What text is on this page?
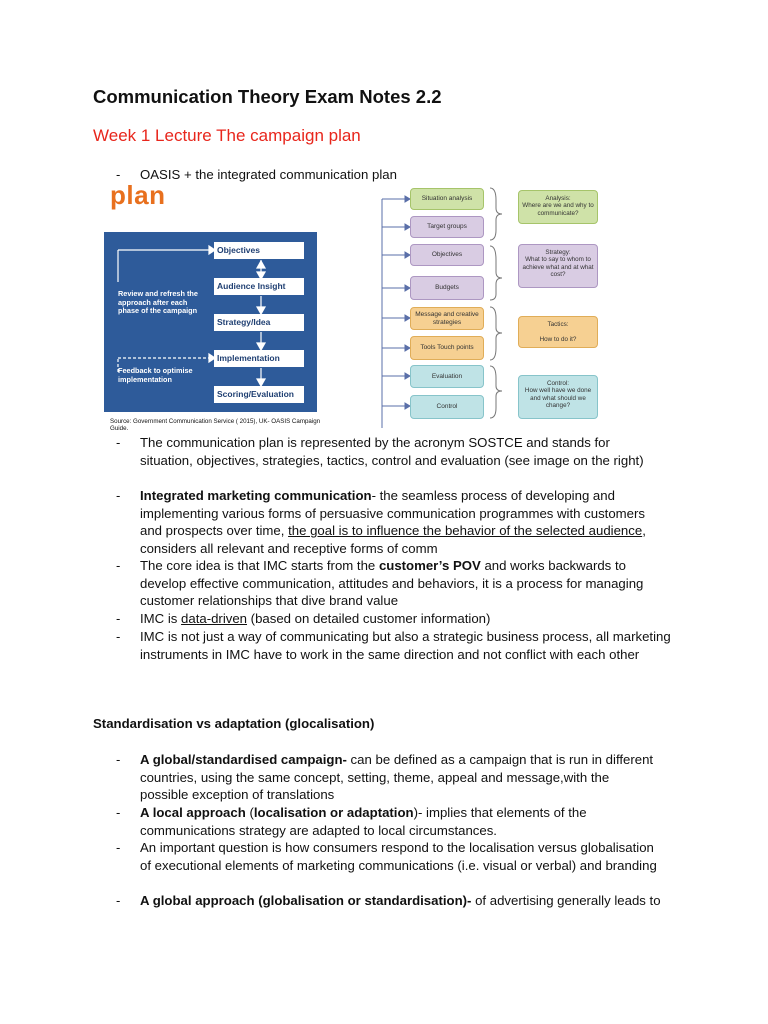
Communication Theory Exam Notes 2.2
Week 1 Lecture The campaign plan
- OASIS + the integrated communication plan
plan
Objectives
Audience Insight
Strategy/Idea
Implementation
Scoring/Evaluation
Review and refresh the approach after each phase of the campaign
Feedback to optimise implementation
Source: Government Communication Service ( 2015), UK- OASIS Campaign Guide.
Situation analysis
Target groups
Objectives
Budgets
Message and creative strategies
Tools Touch points
Evaluation
Control
Analysis:
Where are we and why to communicate?
Strategy:
What to say to whom to achieve what and at what cost?
Tactics:
How to do it?
Control:
How well have we done and what should we change?
- The communication plan is represented by the acronym SOSTCE and stands for situation, objectives, strategies, tactics, control and evaluation (see image on the right)
- Integrated marketing communication- the seamless process of developing and implementing various forms of persuasive communication programmes with customers and prospects over time, the goal is to influence the behavior of the selected audience, considers all relevant and receptive forms of comm
- The core idea is that IMC starts from the customer’s POV and works backwards to develop effective communication, attitudes and behaviors, it is a process for managing customer relationships that dive brand value
- IMC is data-driven (based on detailed customer information)
- IMC is not just a way of communicating but also a strategic business process, all marketing instruments in IMC have to work in the same direction and not conflict with each other
Standardisation vs adaptation (glocalisation)
- A global/standardised campaign- can be defined as a campaign that is run in different countries, using the same concept, setting, theme, appeal and message,with the possible exception of translations
- A local approach (localisation or adaptation)- implies that elements of the communications strategy are adapted to local circumstances.
- An important question is how consumers respond to the localisation versus globalisation of executional elements of marketing communications (i.e. visual or verbal) and branding
- A global approach (globalisation or standardisation)- of advertising generally leads to
